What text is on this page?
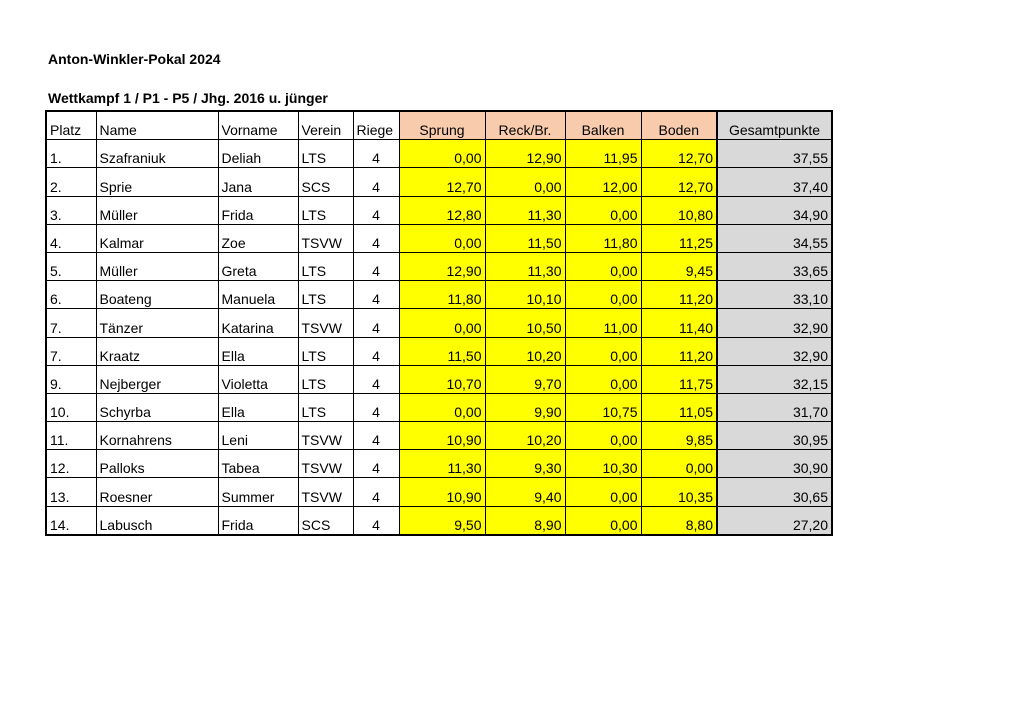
Anton-Winkler-Pokal 2024
Wettkampf 1 / P1 - P5 / Jhg. 2016 u. jünger
Platz	Name	Vorname	Verein	Riege	Sprung	Reck/Br.	Balken	Boden	Gesamtpunkte
1.	Szafraniuk	Deliah	LTS	4	0,00	12,90	11,95	12,70	37,55
2.	Sprie	Jana	SCS	4	12,70	0,00	12,00	12,70	37,40
3.	Müller	Frida	LTS	4	12,80	11,30	0,00	10,80	34,90
4.	Kalmar	Zoe	TSVW	4	0,00	11,50	11,80	11,25	34,55
5.	Müller	Greta	LTS	4	12,90	11,30	0,00	9,45	33,65
6.	Boateng	Manuela	LTS	4	11,80	10,10	0,00	11,20	33,10
7.	Tänzer	Katarina	TSVW	4	0,00	10,50	11,00	11,40	32,90
7.	Kraatz	Ella	LTS	4	11,50	10,20	0,00	11,20	32,90
9.	Nejberger	Violetta	LTS	4	10,70	9,70	0,00	11,75	32,15
10.	Schyrba	Ella	LTS	4	0,00	9,90	10,75	11,05	31,70
11.	Kornahrens	Leni	TSVW	4	10,90	10,20	0,00	9,85	30,95
12.	Palloks	Tabea	TSVW	4	11,30	9,30	10,30	0,00	30,90
13.	Roesner	Summer	TSVW	4	10,90	9,40	0,00	10,35	30,65
14.	Labusch	Frida	SCS	4	9,50	8,90	0,00	8,80	27,20
